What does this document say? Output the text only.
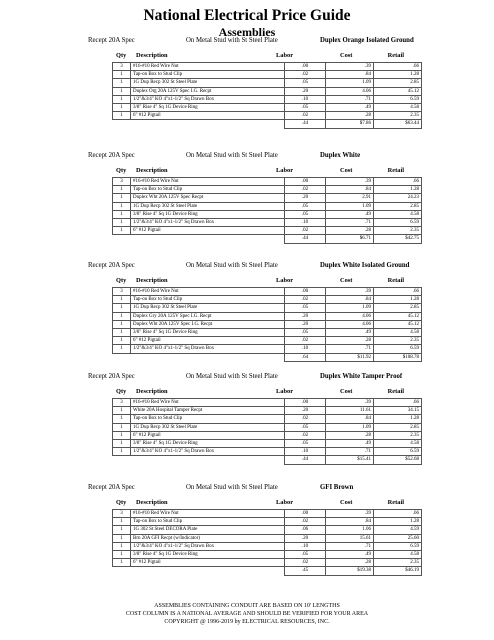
National Electrical Price Guide
Assemblies
Recept 20A Spec	On Metal Stud with St Steel Plate	Duplex Orange Isolated Ground
Qty Description	Labor	Cost	Retail
3	#16-#10 Red Wire Nut	.00	.39	.66
1	Tap-on Box to Stud Clip	.02	.84	1.28
1	1G Dup Recp 302 St Steel Plate	.05	1.09	2.85
1	Duplex Org 20A 125V Spec I.G. Recpt	.20	4.06	45.12
1	1/2"&3/4" KO 4"x1-1/2" Sq Drawn Box	.10	.71	6.59
1	3/8" Rise 4" Sq 1G Device Ring	.05	.49	4.58
1	6" #12 Pigtail	.02	.28	2.35
		.44	$7.86	$63.44
Recept 20A Spec	On Metal Stud with St Steel Plate	Duplex White
Qty Description	Labor	Cost	Retail
3	#16-#10 Red Wire Nut	.00	.39	.66
1	Tap-on Box to Stud Clip	.02	.84	1.28
1	Duplex Wht 20A 125V Spec Recpt	.20	2.91	24.23
1	1G Dup Recp 302 St Steel Plate	.05	1.09	2.85
1	3/8" Rise 4" Sq 1G Device Ring	.05	.49	4.58
1	1/2"&3/4" KO 4"x1-1/2" Sq Drawn Box	.10	.71	6.59
1	6" #12 Pigtail	.02	.28	2.35
		.44	$6.71	$42.75
Recept 20A Spec	On Metal Stud with St Steel Plate	Duplex White Isolated Ground
Qty Description	Labor	Cost	Retail
3	#16-#10 Red Wire Nut	.00	.39	.66
1	Tap-on Box to Stud Clip	.02	.84	1.28
1	1G Dup Recp 302 St Steel Plate	.05	1.09	2.85
1	Duplex Gry 20A 125V Spec I.G. Recpt	.20	4.06	45.12
1	Duplex Wht 20A 125V Spec I.G. Recpt	.20	4.06	45.12
1	3/8" Rise 4" Sq 1G Device Ring	.05	.49	4.58
1	6" #12 Pigtail	.02	.28	2.35
1	1/2"&3/4" KO 4"x1-1/2" Sq Drawn Box	.10	.71	6.59
		.64	$11.92	$108.78
Recept 20A Spec	On Metal Stud with St Steel Plate	Duplex White Tamper Proof
Qty Description	Labor	Cost	Retail
3	#16-#10 Red Wire Nut	.00	.39	.66
1	White 20A Hospital Tamper Recpt	.20	11.61	34.15
1	Tap-on Box to Stud Clip	.02	.84	1.28
1	1G Dup Recp 302 St Steel Plate	.05	1.09	2.85
1	6" #12 Pigtail	.02	.28	2.35
1	3/8" Rise 4" Sq 1G Device Ring	.05	.49	4.58
1	1/2"&3/4" KO 4"x1-1/2" Sq Drawn Box	.10	.71	6.59
		.44	$15.41	$52.68
Recept 20A Spec	On Metal Stud with St Steel Plate	GFI Brown
Qty Description	Labor	Cost	Retail
3	#16-#10 Red Wire Nut	.00	.39	.66
1	Tap-on Box to Stud Clip	.02	.84	1.28
1	1G 302 St Steel DECORA Plate	.06	1.06	4.59
1	Brn 20A GFI Recpt (w/Indicator)	.20	15.61	25.60
1	1/2"&3/4" KO 4"x1-1/2" Sq Drawn Box	.10	.71	6.59
1	3/8" Rise 4" Sq 1G Device Ring	.05	.49	4.58
1	6" #12 Pigtail	.02	.28	2.35
		.45	$19.38	$46.19
ASSEMBLIES CONTAINING CONDUIT ARE BASED ON 10' LENGTHS
COST COLUMN IS A NATIONAL AVERAGE AND SHOULD BE VERIFIED FOR YOUR AREA
COPYRIGHT @ 1996-2019 by ELECTRICAL RESOURCES, INC.
